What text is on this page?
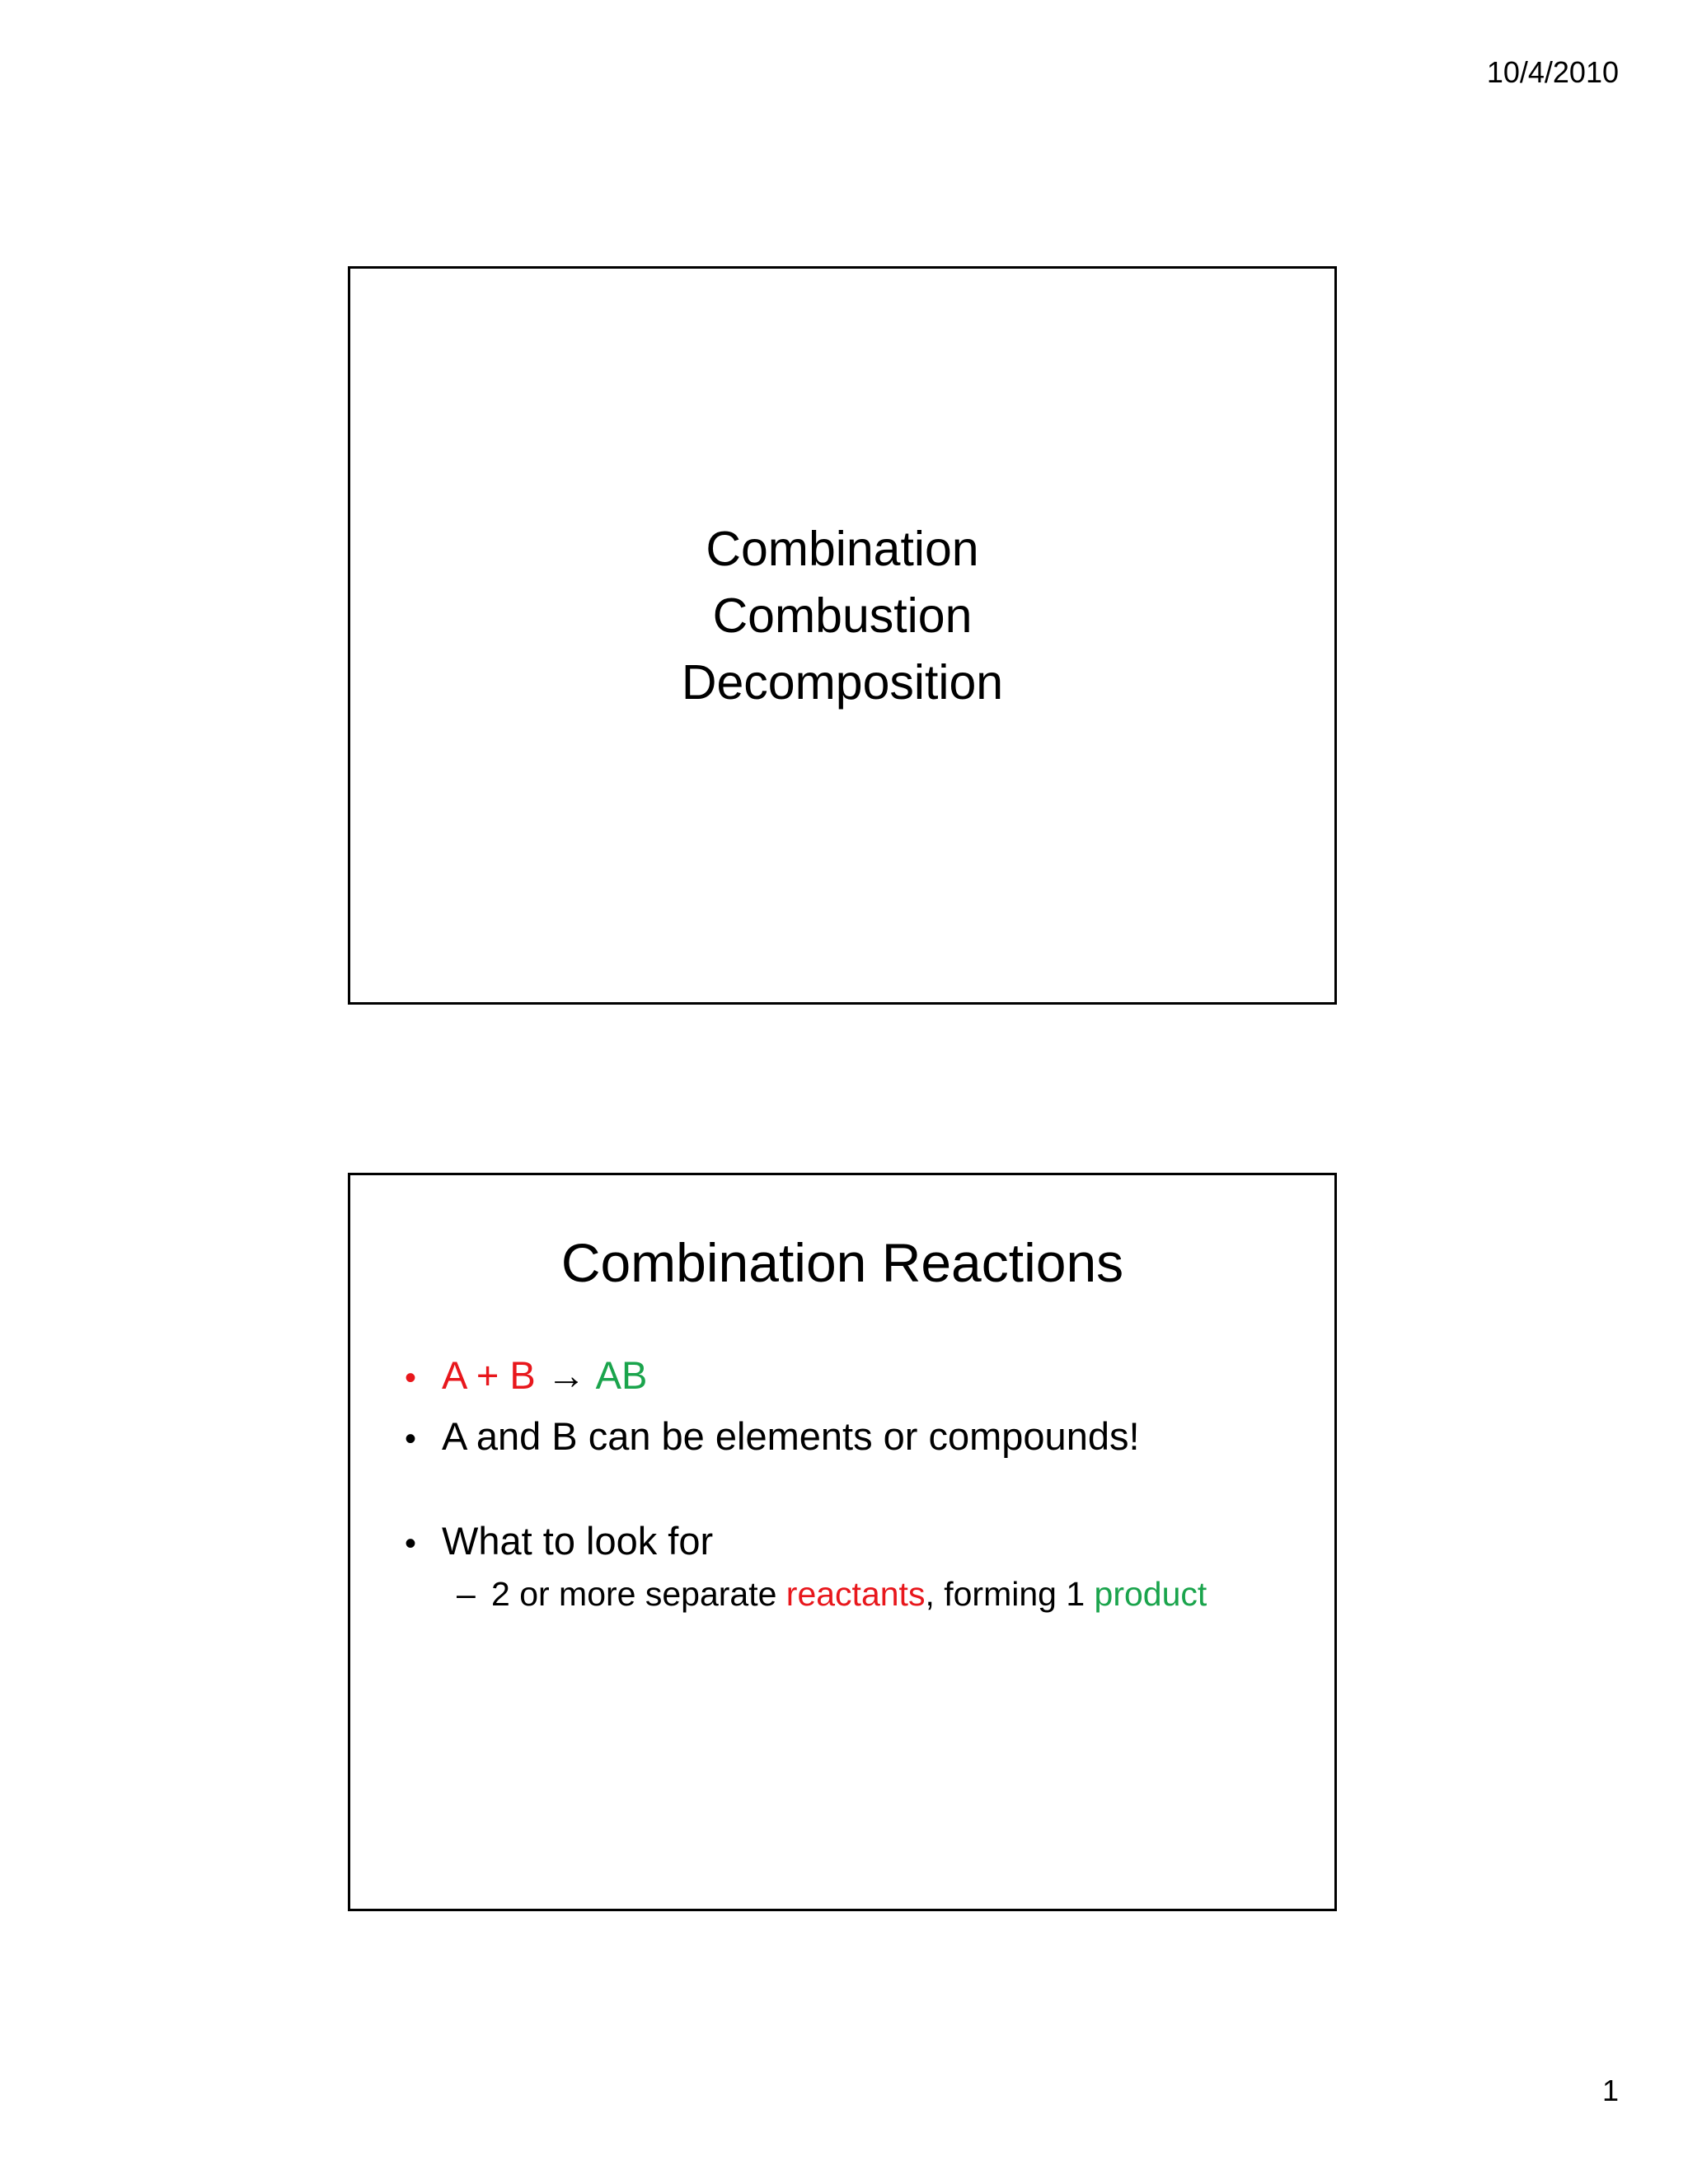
10/4/2010
Combination
Combustion
Decomposition
Combination Reactions
• A + B → AB
• A and B can be elements or compounds!
• What to look for
– 2 or more separate reactants, forming 1 product
1
